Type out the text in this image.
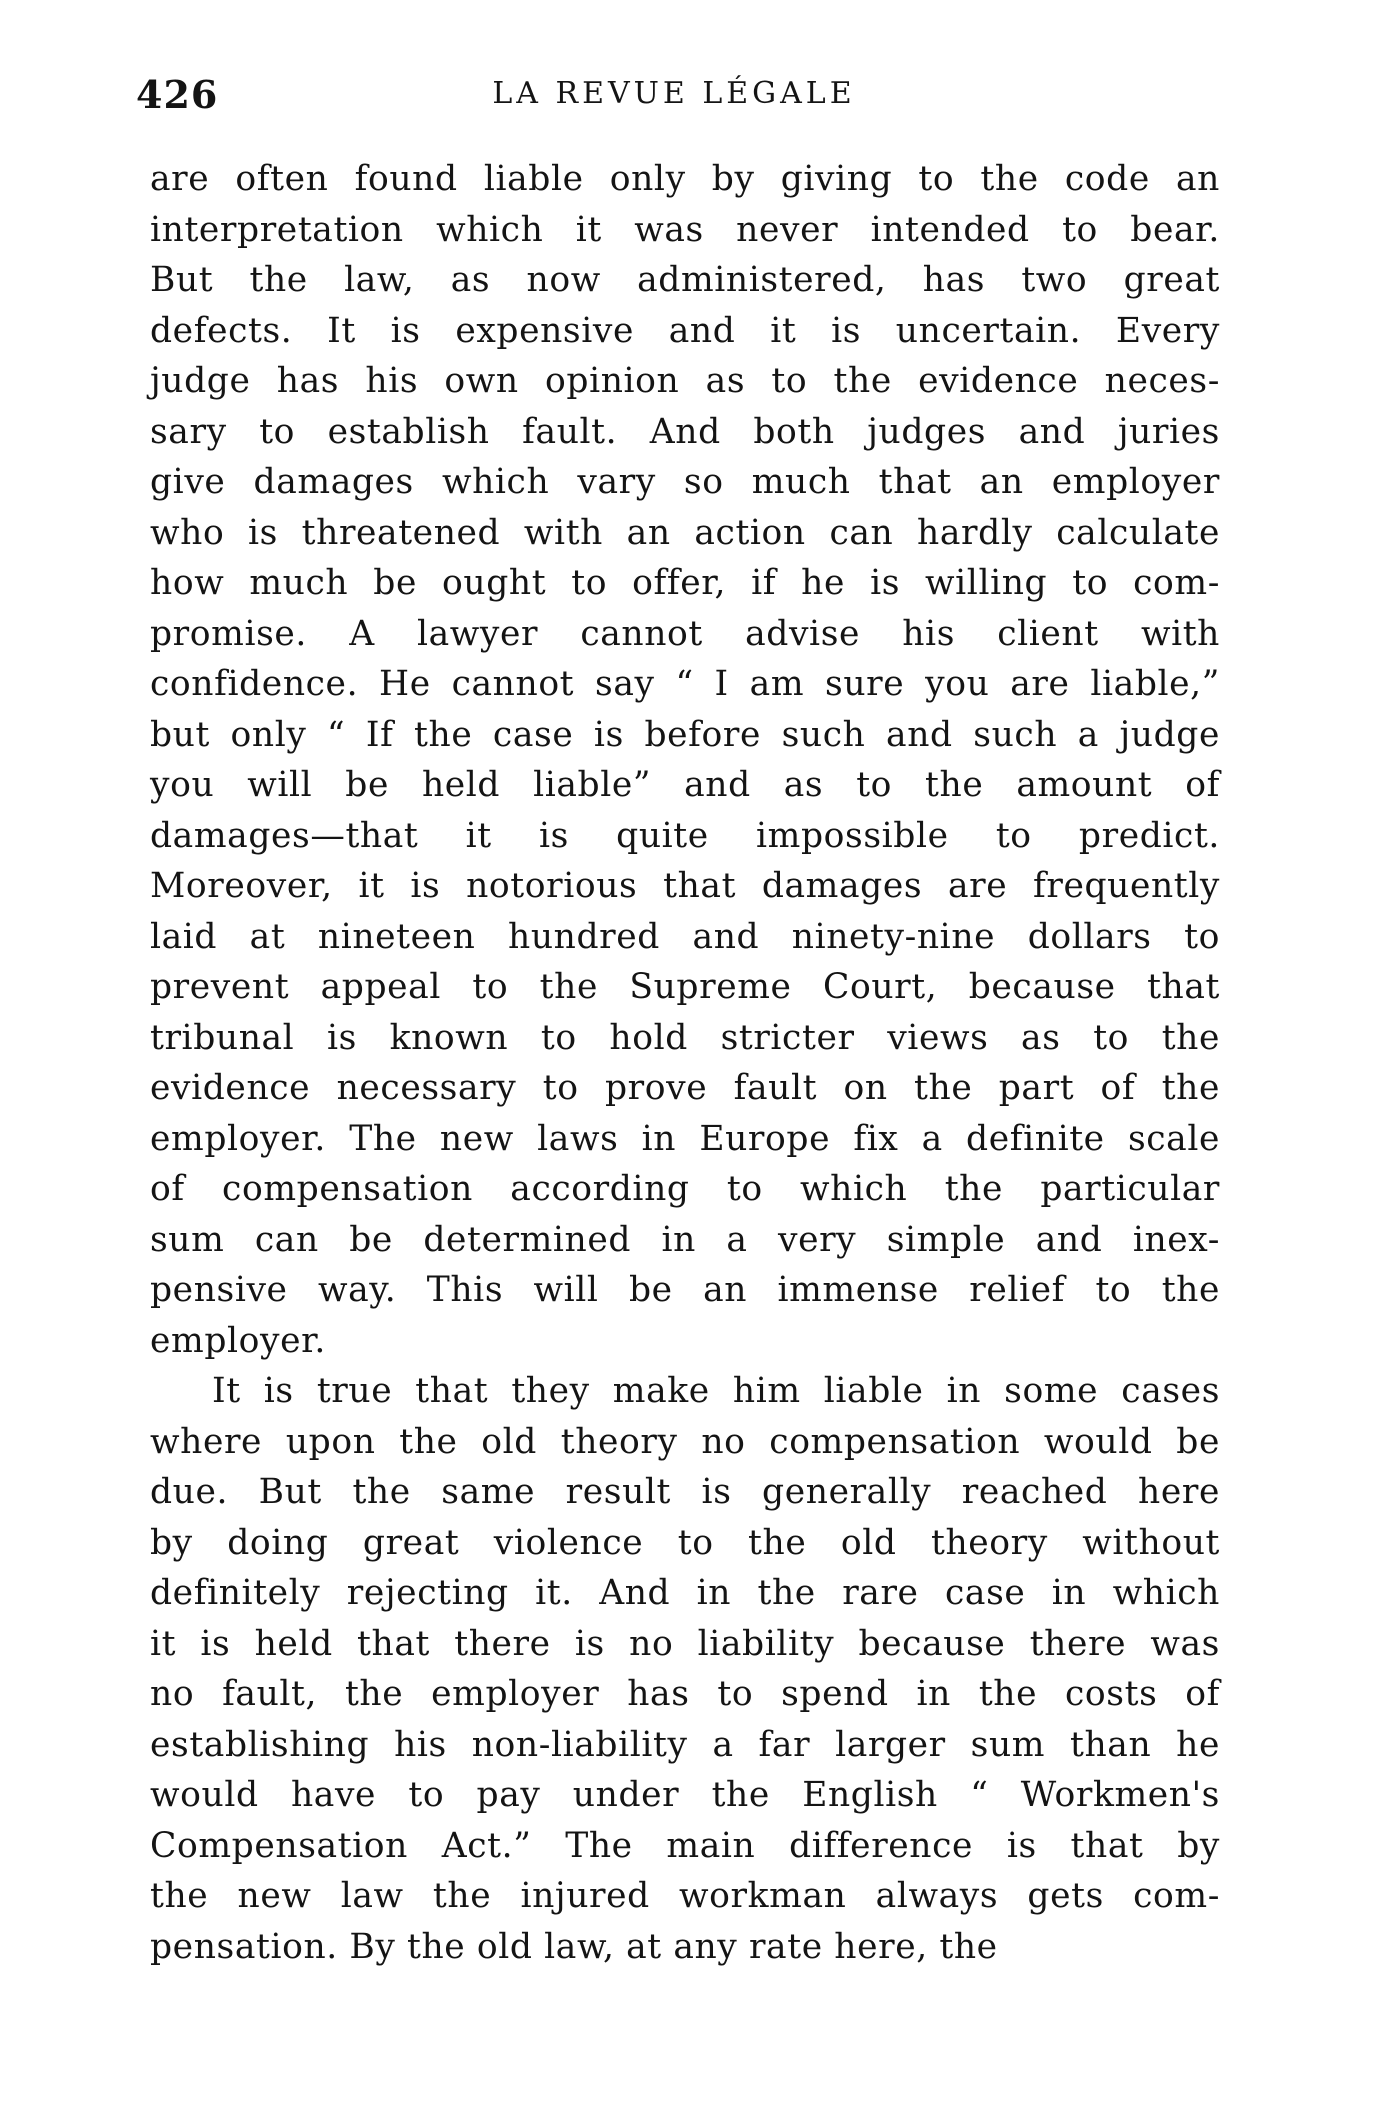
426	LA REVUE LÉGALE
are often found liable only by giving to the code an
interpretation which it was never intended to bear.
But the law, as now administered, has two great
defects. It is expensive and it is uncertain. Every
judge has his own opinion as to the evidence neces-
sary to establish fault. And both judges and juries
give damages which vary so much that an employer
who is threatened with an action can hardly calculate
how much be ought to offer, if he is willing to com-
promise. A lawyer cannot advise his client with
confidence. He cannot say “ I am sure you are liable,”
but only “ If the case is before such and such a judge
you will be held liable” and as to the amount of
damages—that it is quite impossible to predict.
Moreover, it is notorious that damages are frequently
laid at nineteen hundred and ninety-nine dollars to
prevent appeal to the Supreme Court, because that
tribunal is known to hold stricter views as to the
evidence necessary to prove fault on the part of the
employer. The new laws in Europe fix a definite scale
of compensation according to which the particular
sum can be determined in a very simple and inex-
pensive way. This will be an immense relief to the
employer.
It is true that they make him liable in some cases
where upon the old theory no compensation would be
due. But the same result is generally reached here
by doing great violence to the old theory without
definitely rejecting it. And in the rare case in which
it is held that there is no liability because there was
no fault, the employer has to spend in the costs of
establishing his non-liability a far larger sum than he
would have to pay under the English “ Workmen's
Compensation Act.” The main difference is that by
the new law the injured workman always gets com-
pensation. By the old law, at any rate here, the
